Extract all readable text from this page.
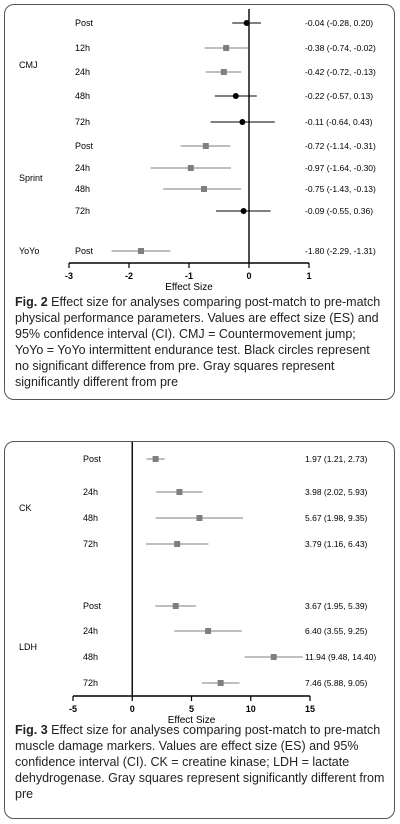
-3	-2	-1	0	1
Effect Size
CMJ
Post	-0.04 (-0.28, 0.20)
12h	-0.38 (-0.74, -0.02)
24h	-0.42 (-0.72, -0.13)
48h	-0.22 (-0.57, 0.13)
72h	-0.11 (-0.64, 0.43)
Sprint
Post	-0.72 (-1.14, -0.31)
24h	-0.97 (-1.64, -0.30)
48h	-0.75 (-1.43, -0.13)
72h	-0.09 (-0.55, 0.36)
YoYo	Post	-1.80 (-2.29, -1.31)
Fig. 2 Effect size for analyses comparing post-match to pre-match physical performance parameters. Values are effect size (ES) and 95% confidence interval (CI). CMJ = Countermovement jump; YoYo = YoYo intermittent endurance test. Black circles represent no significant difference from pre. Gray squares represent significantly different from pre
-5	0	5	10	15
Effect Size
CK
Post	1.97 (1.21, 2.73)
24h	3.98 (2.02, 5.93)
48h	5.67 (1.98, 9.35)
72h	3.79 (1.16, 6.43)
LDH
Post	3.67 (1.95, 5.39)
24h	6.40 (3.55, 9.25)
48h	11.94 (9.48, 14.40)
72h	7.46 (5.88, 9.05)
Fig. 3 Effect size for analyses comparing post-match to pre-match muscle damage markers. Values are effect size (ES) and 95% confidence interval (CI). CK = creatine kinase; LDH = lactate dehydrogenase. Gray squares represent significantly different from pre
